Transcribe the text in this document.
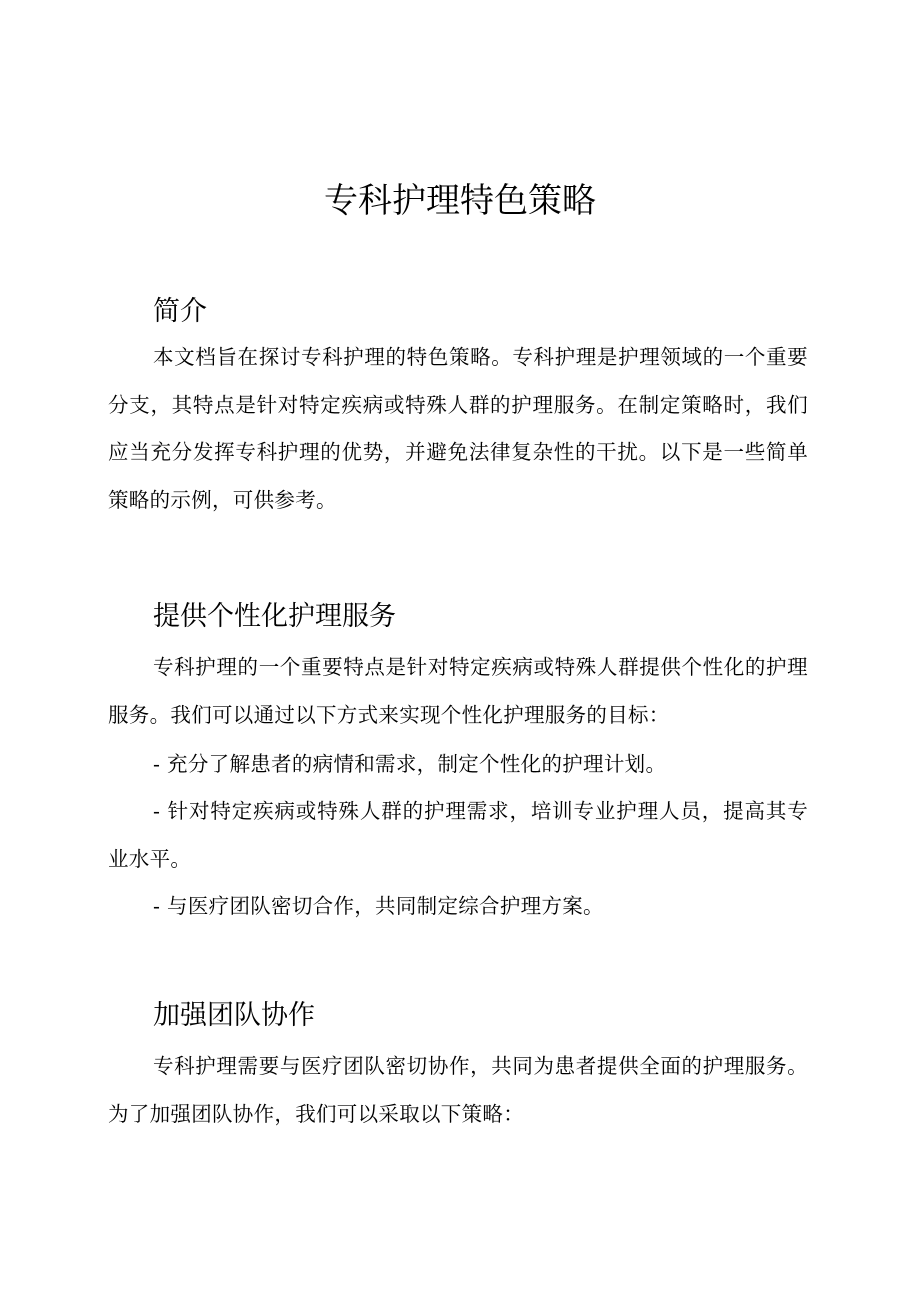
专科护理特色策略
简介

本文档旨在探讨专科护理的特色策略。专科护理是护理领域的一个重要分支，其特点是针对特定疾病或特殊人群的护理服务。在制定策略时，我们应当充分发挥专科护理的优势，并避免法律复杂性的干扰。以下是一些简单策略的示例，可供参考。

提供个性化护理服务

专科护理的一个重要特点是针对特定疾病或特殊人群提供个性化的护理服务。我们可以通过以下方式来实现个性化护理服务的目标：

- 充分了解患者的病情和需求，制定个性化的护理计划。

- 针对特定疾病或特殊人群的护理需求，培训专业护理人员，提高其专业水平。

- 与医疗团队密切合作，共同制定综合护理方案。

加强团队协作

专科护理需要与医疗团队密切协作，共同为患者提供全面的护理服务。为了加强团队协作，我们可以采取以下策略：
